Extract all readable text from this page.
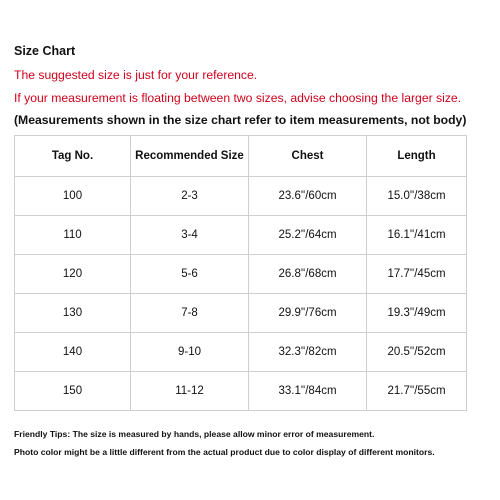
Size Chart
The suggested size is just for your reference.
If your measurement is floating between two sizes, advise choosing the larger size.
(Measurements shown in the size chart refer to item measurements, not body)
Tag No.	Recommended Size	Chest	Length
100	2-3	23.6''/60cm	15.0''/38cm
110	3-4	25.2''/64cm	16.1''/41cm
120	5-6	26.8''/68cm	17.7''/45cm
130	7-8	29.9''/76cm	19.3''/49cm
140	9-10	32.3''/82cm	20.5''/52cm
150	11-12	33.1''/84cm	21.7''/55cm
Friendly Tips: The size is measured by hands, please allow minor error of measurement.
Photo color might be a little different from the actual product due to color display of different monitors.
